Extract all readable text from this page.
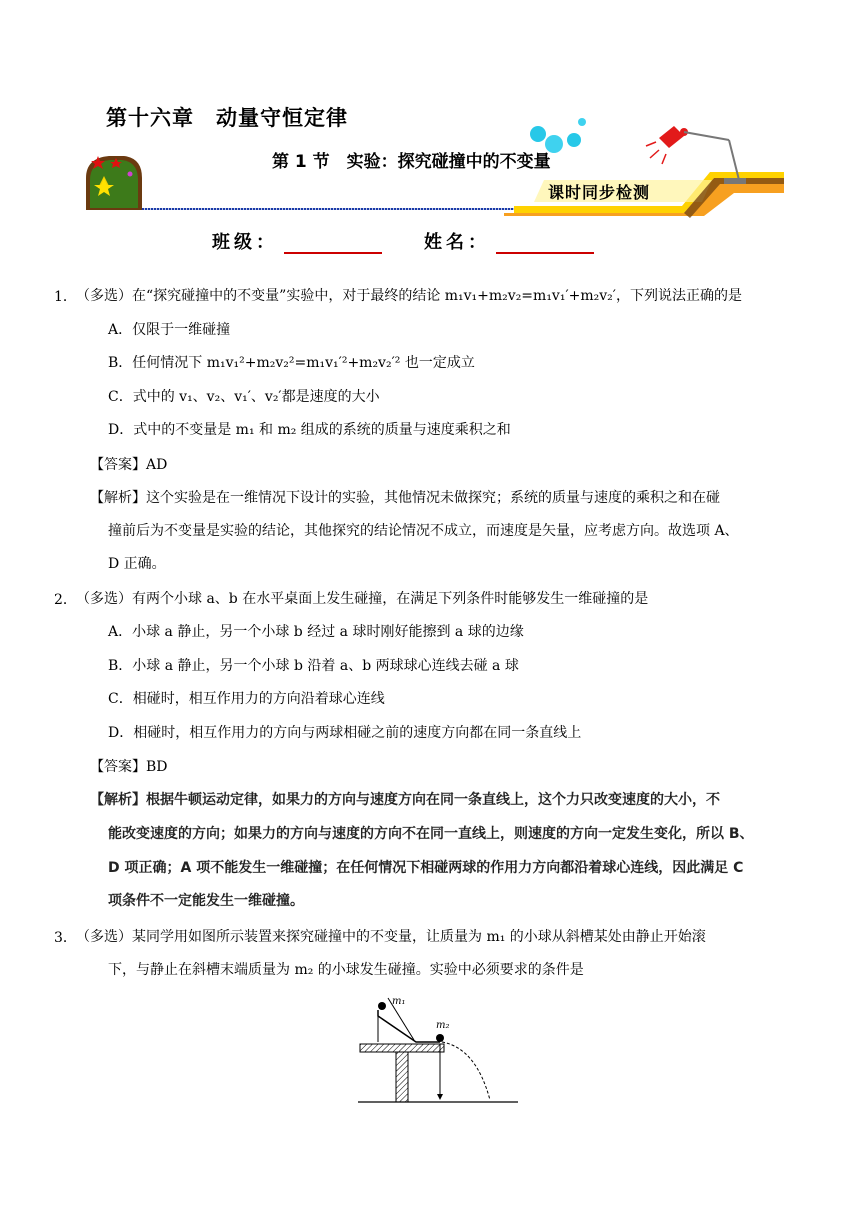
第十六章　动量守恒定律
第 1 节　实验：探究碰撞中的不变量
课时同步检测
班级：	姓名：
1． （多选）在“探究碰撞中的不变量”实验中，对于最终的结论 m₁v₁+m₂v₂=m₁v₁′+m₂v₂′，下列说法正确的是
A．仅限于一维碰撞
B．任何情况下 m₁v₁²+m₂v₂²=m₁v₁′²+m₂v₂′² 也一定成立
C．式中的 v₁、v₂、v₁′、v₂′都是速度的大小
D．式中的不变量是 m₁ 和 m₂ 组成的系统的质量与速度乘积之和
【答案】AD
【解析】这个实验是在一维情况下设计的实验，其他情况未做探究；系统的质量与速度的乘积之和在碰
撞前后为不变量是实验的结论，其他探究的结论情况不成立，而速度是矢量，应考虑方向。故选项 A、
D 正确。
2． （多选）有两个小球 a、b 在水平桌面上发生碰撞，在满足下列条件时能够发生一维碰撞的是
A．小球 a 静止，另一个小球 b 经过 a 球时刚好能擦到 a 球的边缘
B．小球 a 静止，另一个小球 b 沿着 a、b 两球球心连线去碰 a 球
C．相碰时，相互作用力的方向沿着球心连线
D．相碰时，相互作用力的方向与两球相碰之前的速度方向都在同一条直线上
【答案】BD
【解析】根据牛顿运动定律，如果力的方向与速度方向在同一条直线上，这个力只改变速度的大小，不
能改变速度的方向；如果力的方向与速度的方向不在同一直线上，则速度的方向一定发生变化，所以 B、
D 项正确；A 项不能发生一维碰撞；在任何情况下相碰两球的作用力方向都沿着球心连线，因此满足 C
项条件不一定能发生一维碰撞。
3． （多选）某同学用如图所示装置来探究碰撞中的不变量，让质量为 m₁ 的小球从斜槽某处由静止开始滚
下，与静止在斜槽末端质量为 m₂ 的小球发生碰撞。实验中必须要求的条件是
m₁
m₂
